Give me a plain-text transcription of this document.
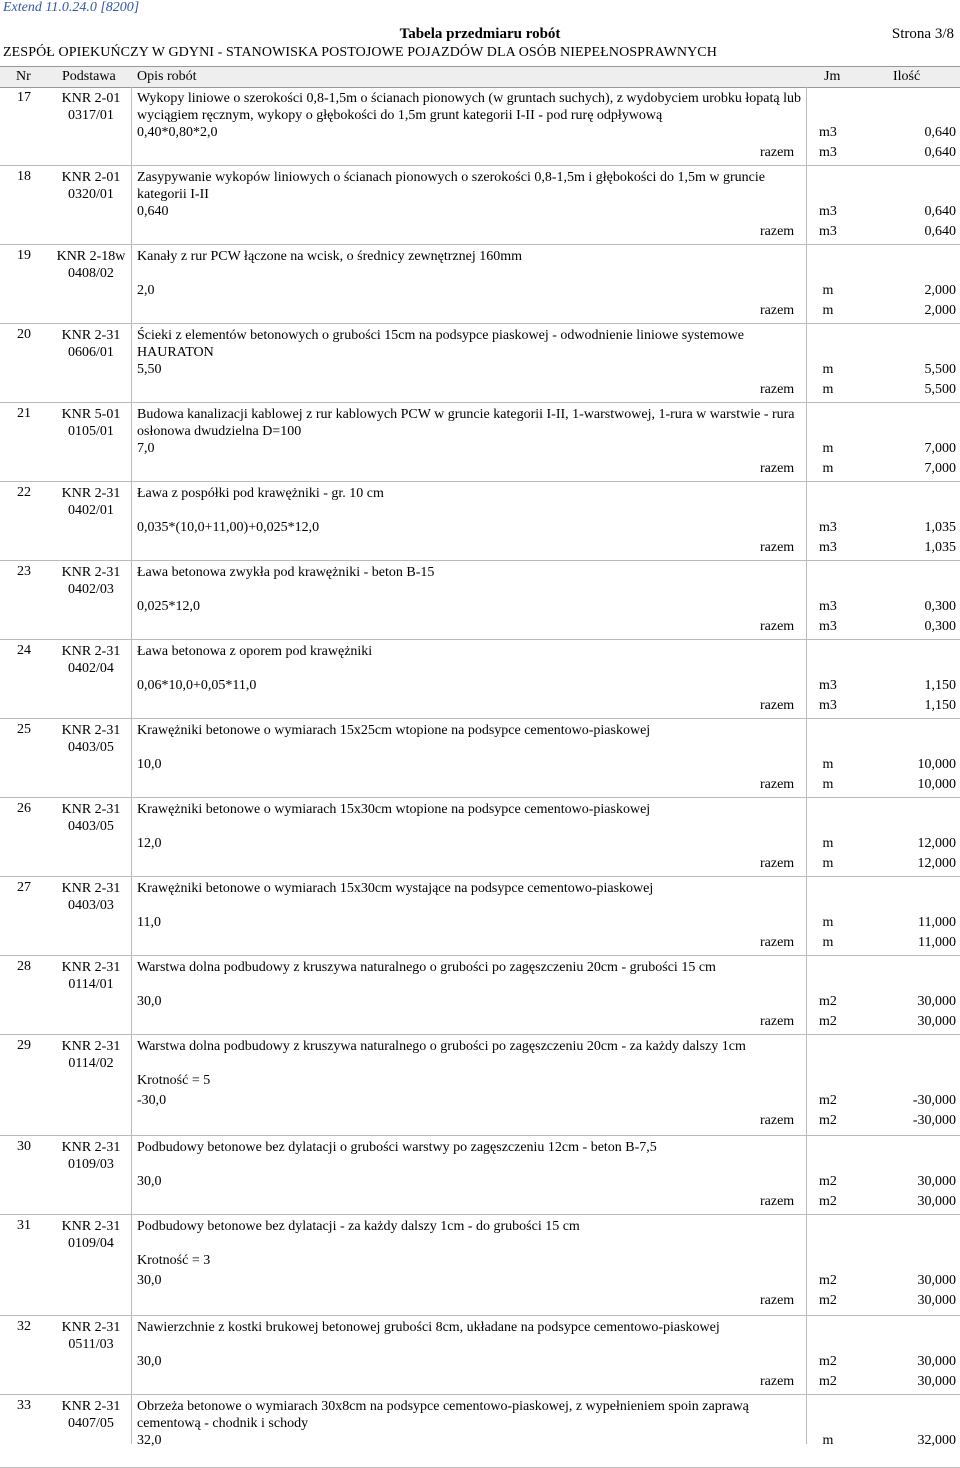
Extend 11.0.24.0 [8200]
Tabela przedmiaru robót	Strona 3/8
ZESPÓŁ OPIEKUŃCZY W GDYNI - STANOWISKA POSTOJOWE POJAZDÓW DLA OSÓB NIEPEŁNOSPRAWNYCH
Nr Podstawa Opis robót	Jm	Ilość
17	KNR 2-01
0317/01
Wykopy liniowe o szerokości 0,8-1,5m o ścianach pionowych (w gruntach suchych), z wydobyciem urobku łopatą lub wyciągiem ręcznym, wykopy o głębokości do 1,5m grunt kategorii I-II - pod rurę odpływową
0,40*0,80*2,0	m3	0,640
razem	m3	0,640
18	KNR 2-01
0320/01
Zasypywanie wykopów liniowych o ścianach pionowych o szerokości 0,8-1,5m i głębokości do 1,5m w gruncie kategorii I-II
0,640	m3	0,640
razem	m3	0,640
19 KNR 2-18w
0408/02
Kanały z rur PCW łączone na wcisk, o średnicy zewnętrznej 160mm
2,0	m	2,000
razem	m	2,000
20	KNR 2-31
0606/01
Ścieki z elementów betonowych o grubości 15cm na podsypce piaskowej - odwodnienie liniowe systemowe HAURATON
5,50	m	5,500
razem	m	5,500
21	KNR 5-01
0105/01
Budowa kanalizacji kablowej z rur kablowych PCW w gruncie kategorii I-II, 1-warstwowej, 1-rura w warstwie - rura osłonowa dwudzielna D=100
7,0	m	7,000
razem	m	7,000
22	KNR 2-31
0402/01
Ława z pospółki pod krawężniki - gr. 10 cm
0,035*(10,0+11,00)+0,025*12,0	m3	1,035
razem	m3	1,035
23	KNR 2-31
0402/03
Ława betonowa zwykła pod krawężniki - beton B-15
0,025*12,0	m3	0,300
razem	m3	0,300
24	KNR 2-31
0402/04
Ława betonowa z oporem pod krawężniki
0,06*10,0+0,05*11,0	m3	1,150
razem	m3	1,150
25	KNR 2-31
0403/05
Krawężniki betonowe o wymiarach 15x25cm wtopione na podsypce cementowo-piaskowej
10,0	m	10,000
razem	m	10,000
26	KNR 2-31
0403/05
Krawężniki betonowe o wymiarach 15x30cm wtopione na podsypce cementowo-piaskowej
12,0	m	12,000
razem	m	12,000
27	KNR 2-31
0403/03
Krawężniki betonowe o wymiarach 15x30cm wystające na podsypce cementowo-piaskowej
11,0	m	11,000
razem	m	11,000
28	KNR 2-31
0114/01
Warstwa dolna podbudowy z kruszywa naturalnego o grubości po zagęszczeniu 20cm - grubości 15 cm
30,0	m2	30,000
razem	m2	30,000
29	KNR 2-31
0114/02
Warstwa dolna podbudowy z kruszywa naturalnego o grubości po zagęszczeniu 20cm - za każdy dalszy 1cm
Krotność = 5
-30,0	m2	-30,000
razem	m2	-30,000
30	KNR 2-31
0109/03
Podbudowy betonowe bez dylatacji o grubości warstwy po zagęszczeniu 12cm - beton B-7,5
30,0	m2	30,000
razem	m2	30,000
31	KNR 2-31
0109/04
Podbudowy betonowe bez dylatacji - za każdy dalszy 1cm - do grubości 15 cm
Krotność = 3
30,0	m2	30,000
razem	m2	30,000
32	KNR 2-31
0511/03
Nawierzchnie z kostki brukowej betonowej grubości 8cm, układane na podsypce cementowo-piaskowej
30,0	m2	30,000
razem	m2	30,000
33	KNR 2-31
0407/05
Obrzeża betonowe o wymiarach 30x8cm na podsypce cementowo-piaskowej, z wypełnieniem spoin zaprawą cementową - chodnik i schody
32,0	m	32,000
